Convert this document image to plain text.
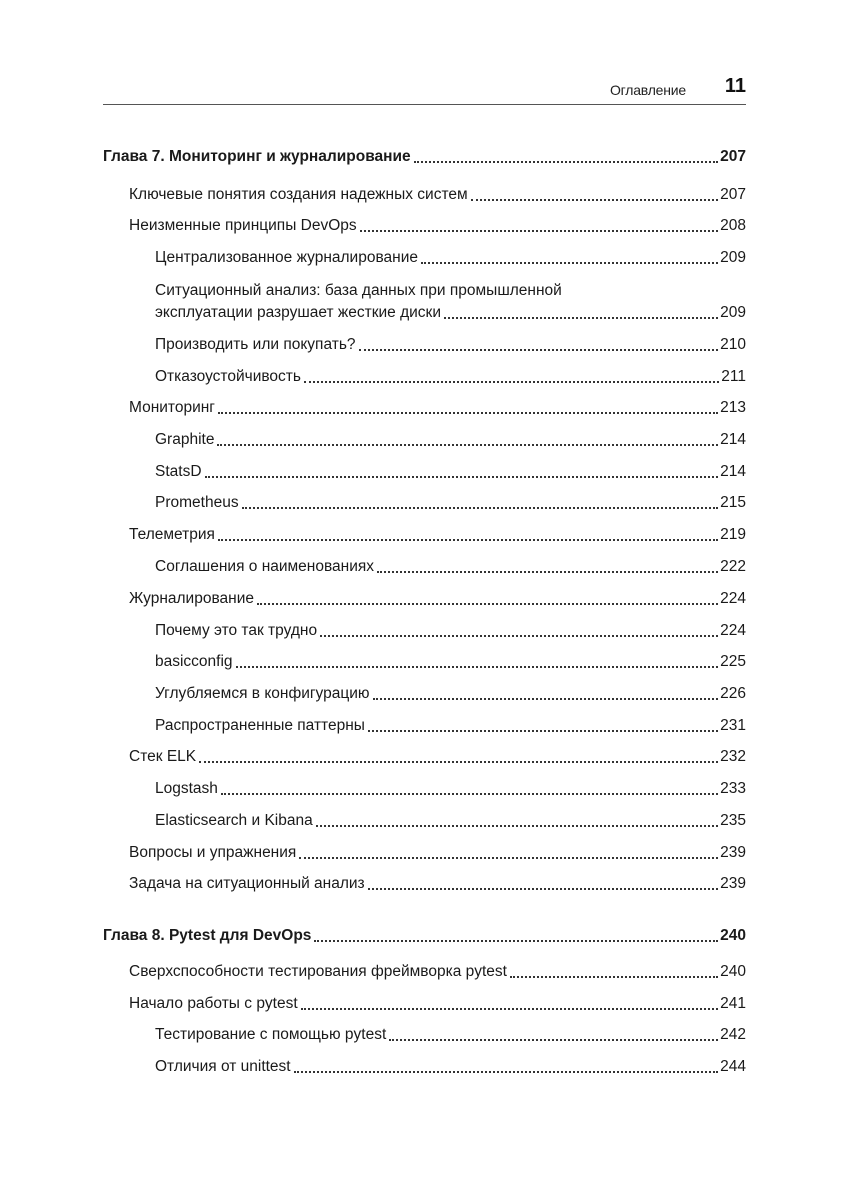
Оглавление 11
Глава 7. Мониторинг и журналирование	207
Ключевые понятия создания надежных систем	207
Неизменные принципы DevOps	208
Централизованное журналирование	209
Ситуационный анализ: база данных при промышленной
эксплуатации разрушает жесткие диски	209
Производить или покупать?	210
Отказоустойчивость	211
Мониторинг	213
Graphite	214
StatsD	214
Prometheus	215
Телеметрия	219
Соглашения о наименованиях	222
Журналирование	224
Почему это так трудно	224
basicconfig	225
Углубляемся в конфигурацию	226
Распространенные паттерны	231
Стек ELK	232
Logstash	233
Elasticsearch и Kibana	235
Вопросы и упражнения	239
Задача на ситуационный анализ	239
Глава 8. Pytest для DevOps	240
Сверхспособности тестирования фреймворка pytest	240
Начало работы с pytest	241
Тестирование с помощью pytest	242
Отличия от unittest	244
